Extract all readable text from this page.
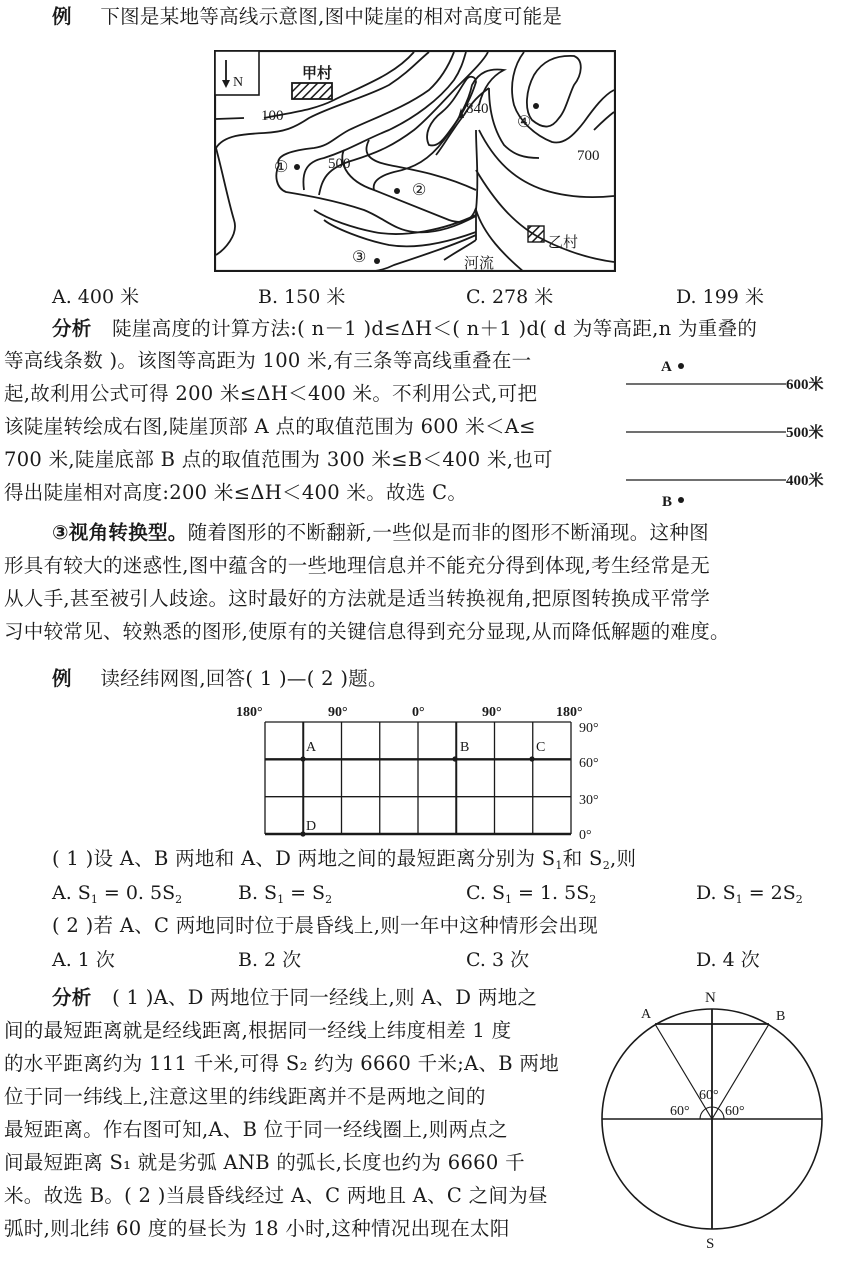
例 下图是某地等高线示意图,图中陡崖的相对高度可能是
N
甲村
100
500	700
840
①
②
③
④
乙村
河流
A. 400 米	B. 150 米	C. 278 米	D. 199 米
分析 陡崖高度的计算方法:( n－1 )d≤ΔH＜( n＋1 )d( d 为等高距,n 为重叠的
等高线条数 )。该图等高距为 100 米,有三条等高线重叠在一
起,故利用公式可得 200 米≤ΔH＜400 米。不利用公式,可把
该陡崖转绘成右图,陡崖顶部 A 点的取值范围为 600 米＜A≤
700 米,陡崖底部 B 点的取值范围为 300 米≤B＜400 米,也可
得出陡崖相对高度:200 米≤ΔH＜400 米。故选 C。
A
600米
500米
400米
B
③视角转换型。随着图形的不断翻新,一些似是而非的图形不断涌现。这种图
形具有较大的迷惑性,图中蕴含的一些地理信息并不能充分得到体现,考生经常是无
从人手,甚至被引人歧途。这时最好的方法就是适当转换视角,把原图转换成平常学
习中较常见、较熟悉的图形,使原有的关键信息得到充分显现,从而降低解题的难度。
例 读经纬网图,回答( 1 )—( 2 )题。
180°	90°	0°	90°	180°
90°
60°
30°
0°
A	B	C
D
( 1 )设 A、B 两地和 A、D 两地之间的最短距离分别为 $S_1$和 $S_2$,则
A. $S_1 = 0$. $5S_2$	B. $S_1 = S_2$	C. $S_1 = 1$. $5S_2$	D. $S_1 = 2S_2$
( 2 )若 A、C 两地同时位于晨昏线上,则一年中这种情形会出现
A. 1 次	B. 2 次	C. 3 次	D. 4 次
分析 ( 1 )A、D 两地位于同一经线上,则 A、D 两地之
间的最短距离就是经线距离,根据同一经线上纬度相差 1 度
的水平距离约为 111 千米,可得 S₂ 约为 6660 千米;A、B 两地
位于同一纬线上,注意这里的纬线距离并不是两地之间的
最短距离。作右图可知,A、B 位于同一经线圈上,则两点之
间最短距离 S₁ 就是劣弧 ANB 的弧长,长度也约为 6660 千
米。故选 B。( 2 )当晨昏线经过 A、C 两地且 A、C 之间为昼
弧时,则北纬 60 度的昼长为 18 小时,这种情况出现在太阳
N
S
A	B
60°
60°	60°
